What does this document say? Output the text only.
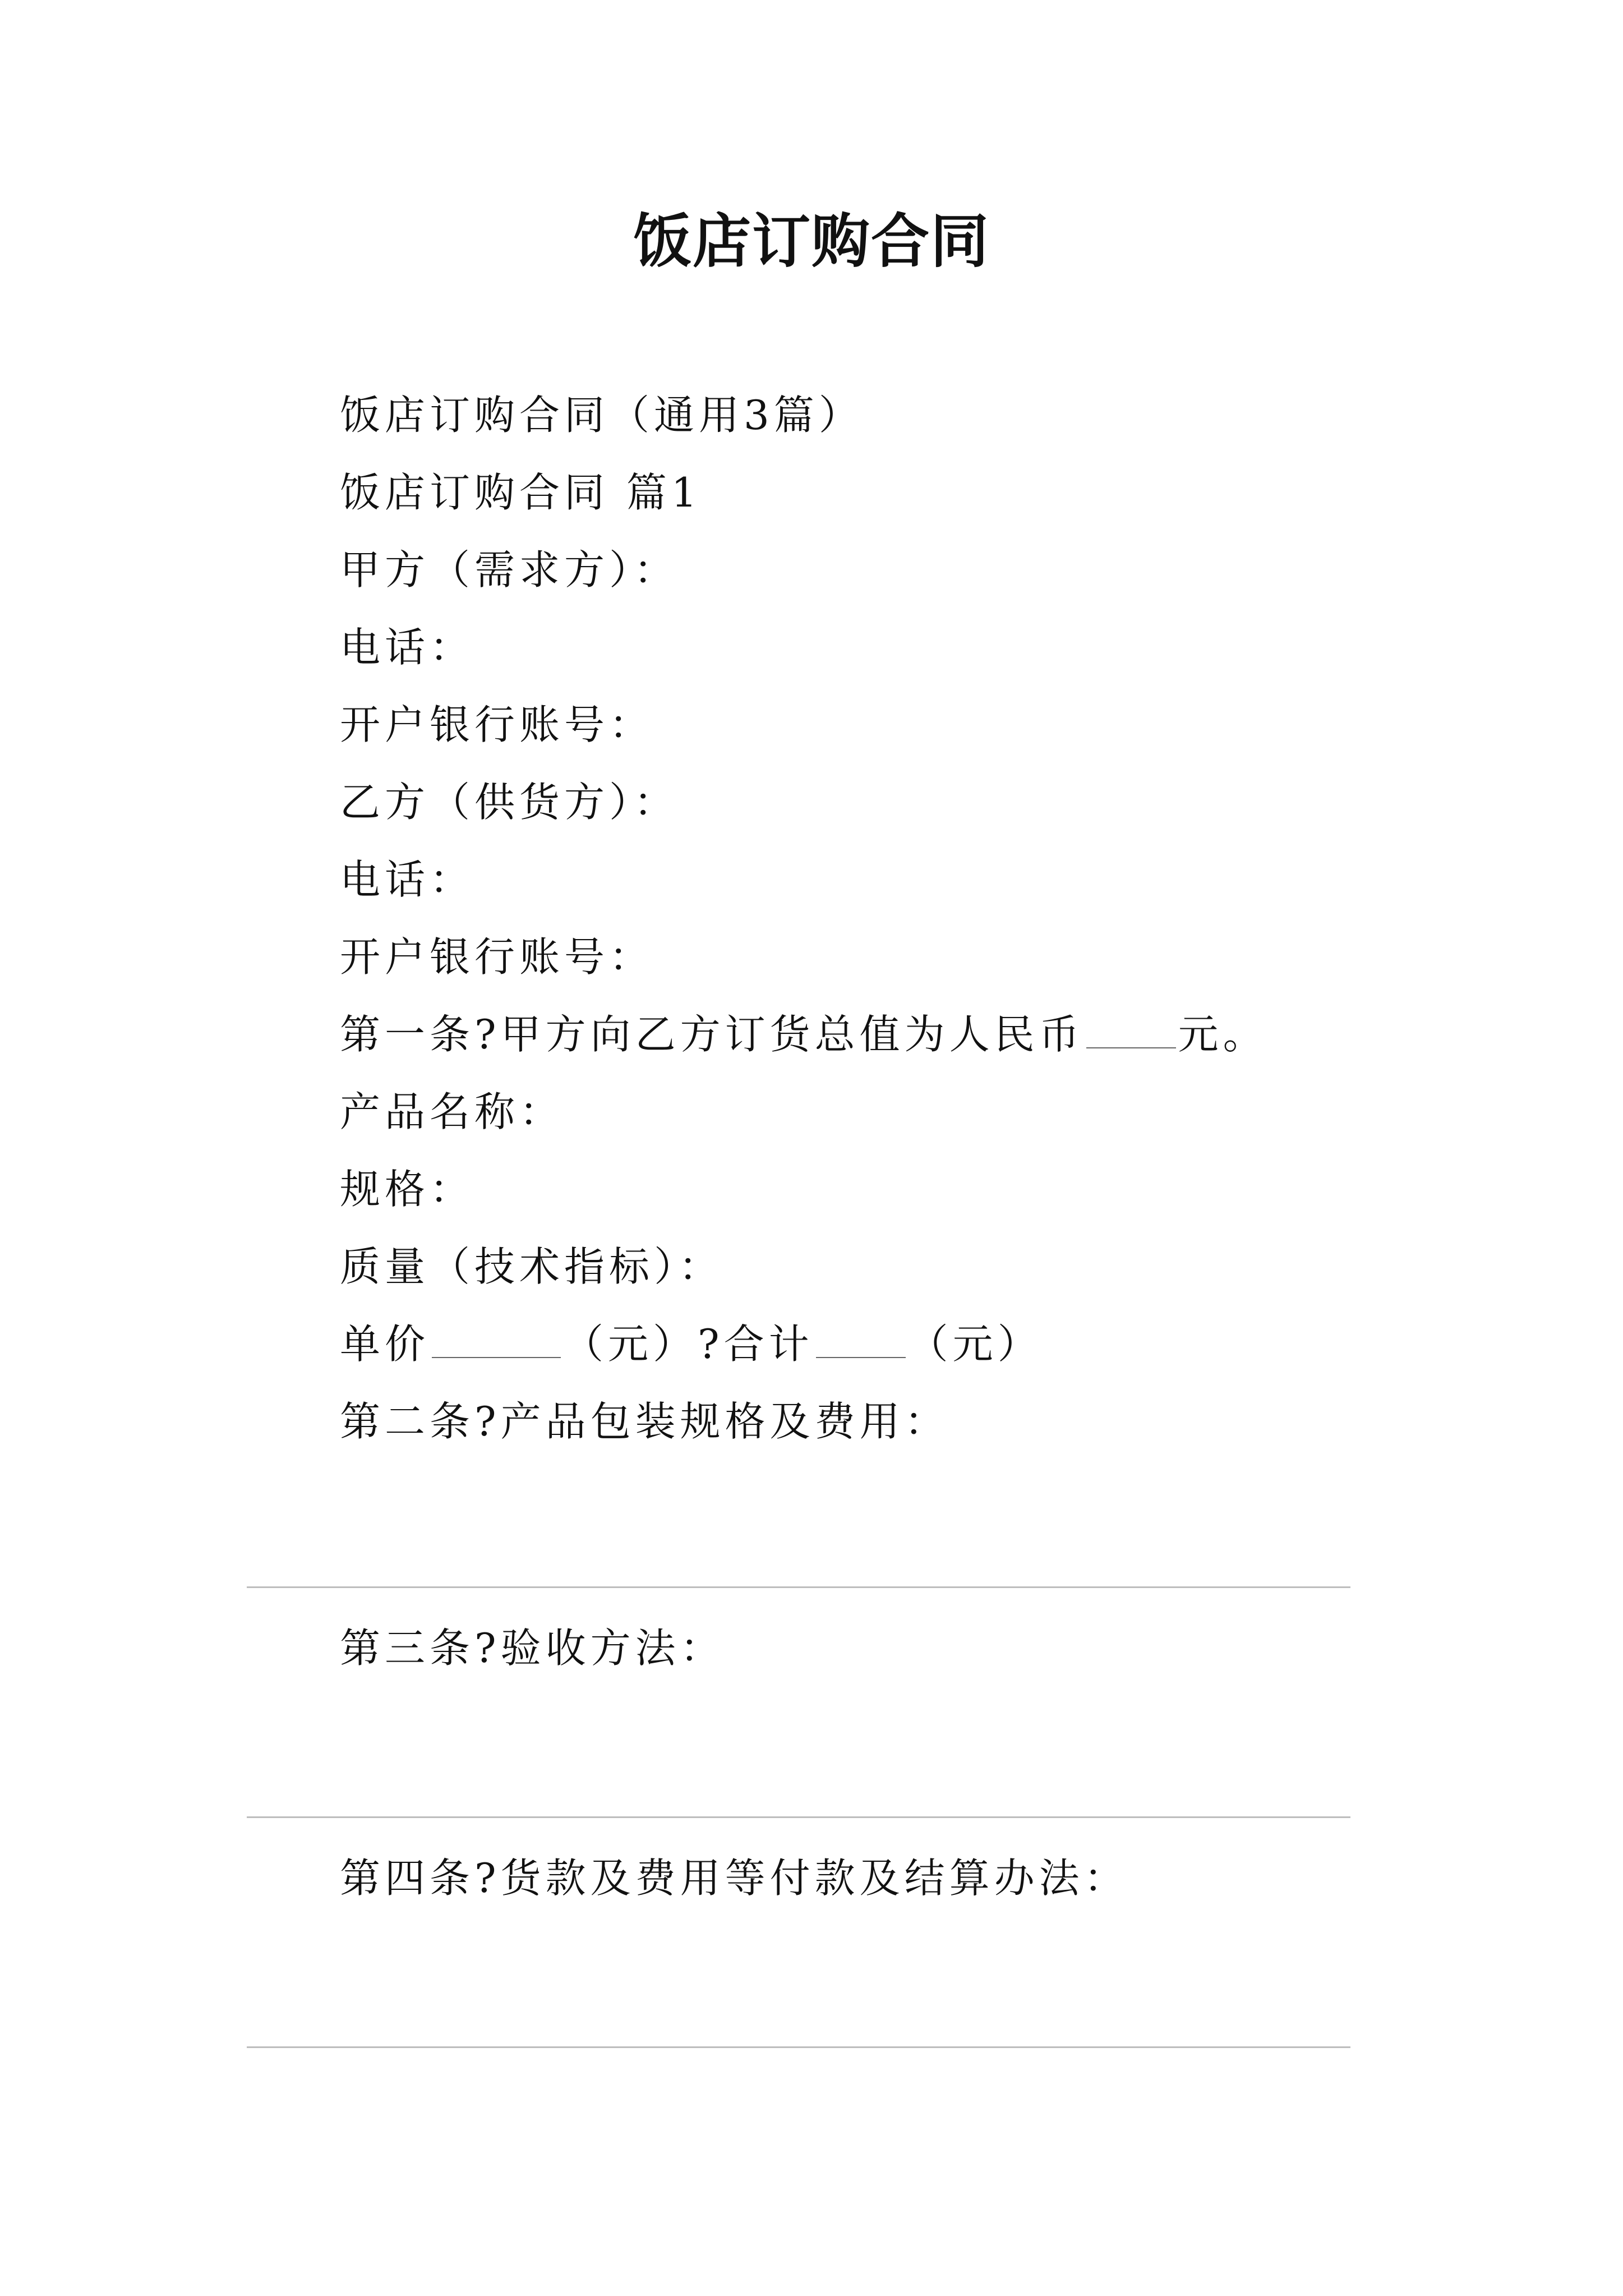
饭店订购合同
饭店订购合同（通用3篇）
饭店订购合同 篇1
甲方（需求方）：
电话：
开户银行账号：
乙方（供货方）：
电话：
开户银行账号：
第一条?甲方向乙方订货总值为人民币 元。
产品名称：
规格：
质量（技术指标）：
单价	（元）?合计 （元）
第二条?产品包装规格及费用：
第三条?验收方法：
第四条?货款及费用等付款及结算办法：
